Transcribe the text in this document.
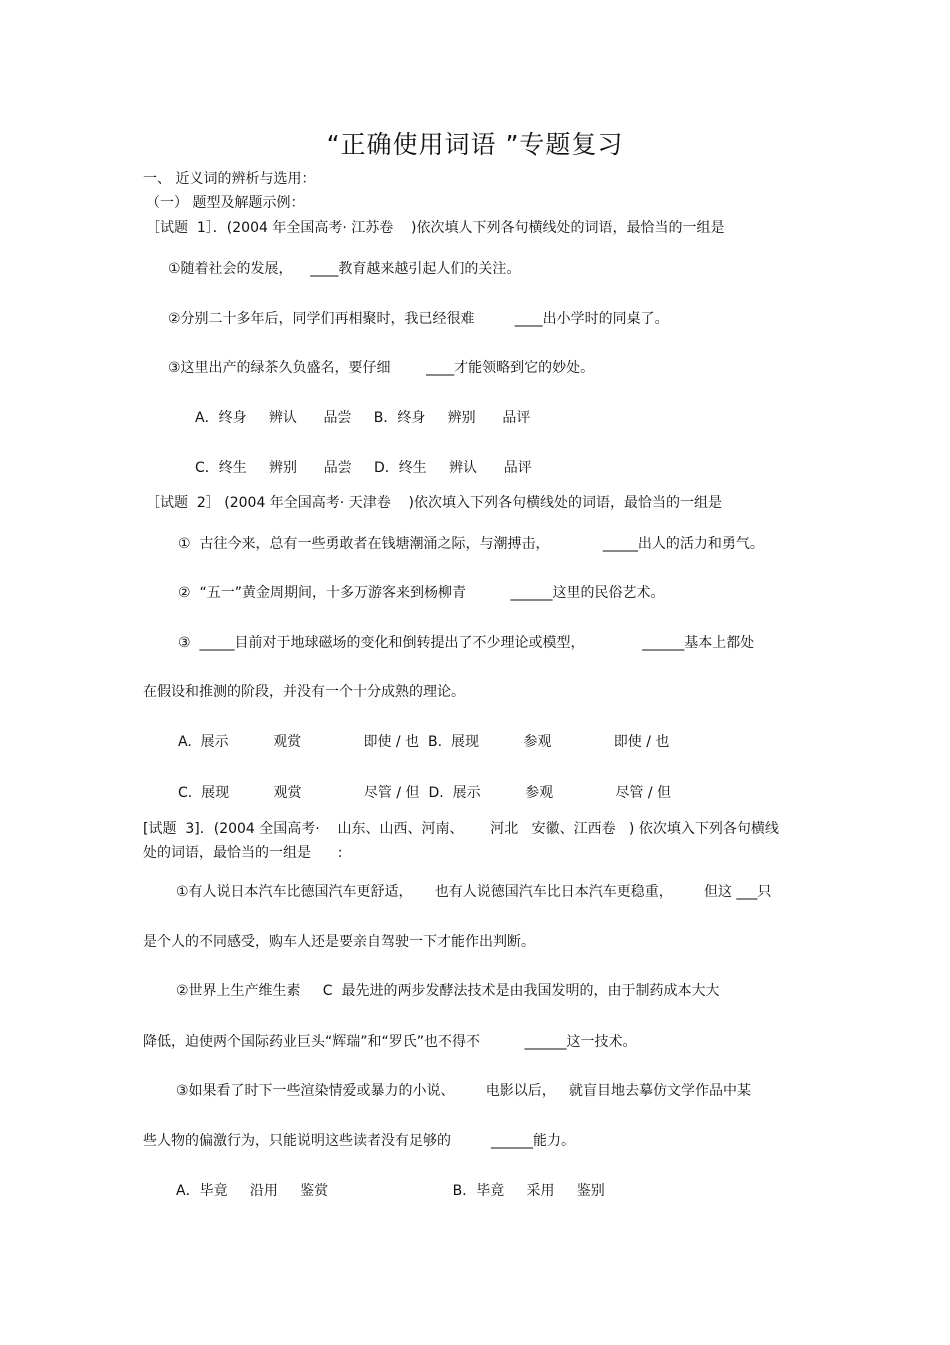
“正确使用词语 ”专题复习
一、 近义词的辨析与选用：
（一） 题型及解题示例：
［试题  1］．(2004 年全国高考· 江苏卷    )依次填人下列各句横线处的词语，最恰当的一组是
①随着社会的发展，    ____教育越来越引起人们的关注。
②分别二十多年后，同学们再相聚时，我已经很难         ____出小学时的同桌了。
③这里出产的绿茶久负盛名，要仔细        ____才能领略到它的妙处。
A．终身     辨认      品尝     B．终身     辨别      品评
C．终生     辨别      品尝     D．终生     辨认      品评
［试题  2］ (2004 年全国高考· 天津卷    )依次填入下列各句横线处的词语，最恰当的一组是
①  古往今来，总有一些勇敢者在钱塘潮涌之际，与潮搏击，            _____出人的活力和勇气。
②  “五一”黄金周期间，十多万游客来到杨柳青          ______这里的民俗艺术。
③  _____目前对于地球磁场的变化和倒转提出了不少理论或模型，             ______基本上都处
在假设和推测的阶段，并没有一个十分成熟的理论。
A.  展示          观赏              即使 / 也  B.  展现          参观              即使 / 也
C.  展现          观赏              尽管 / 但  D.  展示          参观              尽管 / 但
[试题  3]．(2004 全国高考·    山东、山西、河南、      河北   安徽、江西卷   ) 依次填入下列各句横线
处的词语，最恰当的一组是      :
①有人说日本汽车比德国汽车更舒适，     也有人说德国汽车比日本汽车更稳重，       但这 ___只
是个人的不同感受，购车人还是要亲自驾驶一下才能作出判断。
②世界上生产维生素     C  最先进的两步发酵法技术是由我国发明的，由于制药成本大大
降低，迫使两个国际药业巨头“辉瑞”和“罗氏”也不得不          ______这一技术。
③如果看了时下一些渲染情爱或暴力的小说、       电影以后，   就盲目地去摹仿文学作品中某
些人物的偏激行为，只能说明这些读者没有足够的         ______能力。
A．毕竟     沿用     鉴赏                            B．毕竟     采用     鉴别
